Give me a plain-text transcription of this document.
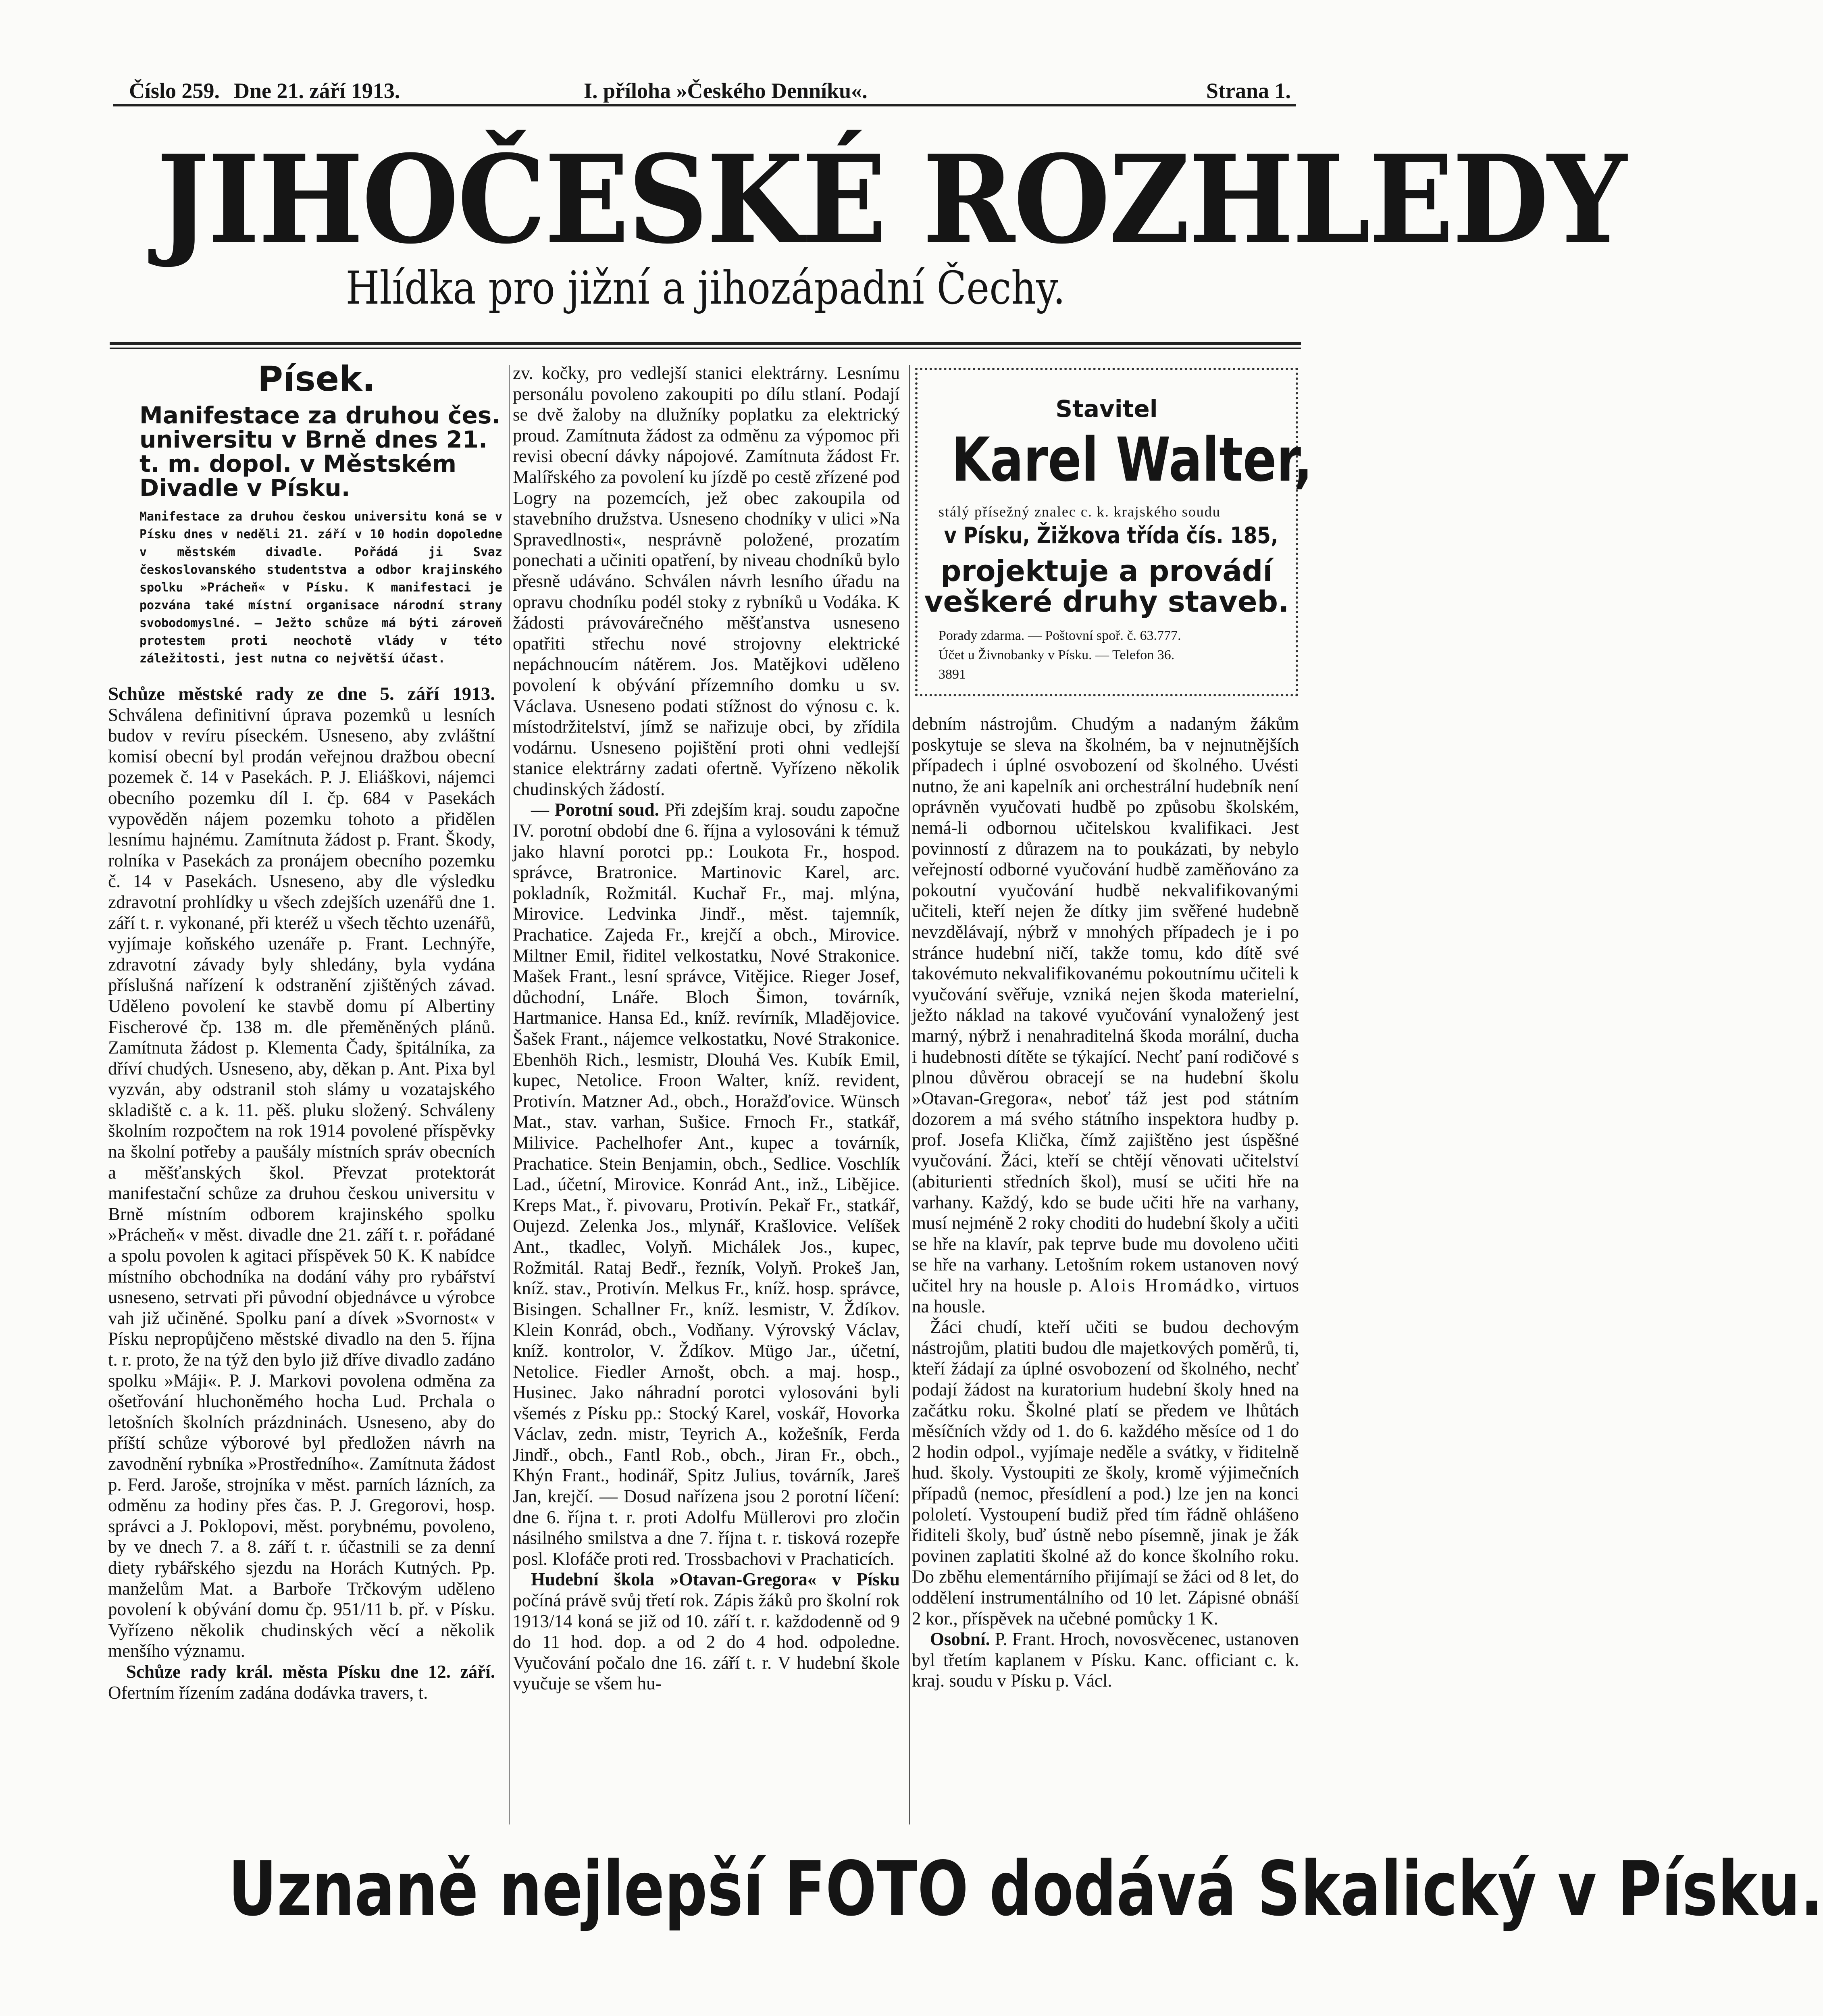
Číslo 259. Dne 21. září 1913.	I. příloha »Českého Denníku«.	Strana 1.
JIHOČESKÉ ROZHLEDY
Hlídka pro jižní a jihozápadní Čechy.
Písek.
Manifestace za druhou čes. universitu v Brně dnes 21. t. m. dopol. v Městském Divadle v Písku.
Manifestace za druhou českou universitu koná se v Písku dnes v neděli 21. září v 10 hodin dopoledne v městském divadle. Pořádá ji Svaz českoslovanského studentstva a odbor krajinského spolku »Prácheň« v Písku. K manifestaci je pozvána také místní organisace národní strany svobodomyslné. — Ježto schůze má býti zároveň protestem proti neochotě vlády v této záležitosti, jest nutna co největší účast.

Schůze městské rady ze dne 5. září 1913. Schválena definitivní úprava pozemků u lesních budov v revíru píseckém. Usneseno, aby zvláštní komisí obecní byl prodán veřejnou dražbou obecní pozemek č. 14 v Pasekách. P. J. Eliáškovi, nájemci obecního pozemku díl I. čp. 684 v Pasekách vypověděn nájem pozemku tohoto a přidělen lesnímu hajnému. Zamítnuta žádost p. Frant. Škody, rolníka v Pasekách za pronájem obecního pozemku č. 14 v Pasekách. Usneseno, aby dle výsledku zdravotní prohlídky u všech zdejších uzenářů dne 1. září t. r. vykonané, při kteréž u všech těchto uzenářů, vyjímaje koňského uzenáře p. Frant. Lechnýře, zdravotní závady byly shledány, byla vydána příslušná nařízení k odstranění zjištěných závad. Uděleno povolení ke stavbě domu pí Albertiny Fischerové čp. 138 m. dle přeměněných plánů. Zamítnuta žádost p. Klementa Čady, špitálníka, za dříví chudých. Usneseno, aby, děkan p. Ant. Pixa byl vyzván, aby odstranil stoh slámy u vozatajského skladiště c. a k. 11. pěš. pluku složený. Schváleny školním rozpočtem na rok 1914 povolené příspěvky na školní potřeby a paušály místních správ obecních a měšťanských škol. Převzat protektorát manifestační schůze za druhou českou universitu v Brně místním odborem krajinského spolku »Prácheň« v měst. divadle dne 21. září t. r. pořádané a spolu povolen k agitaci příspěvek 50 K. K nabídce místního obchodníka na dodání váhy pro rybářství usneseno, setrvati při původní objednávce u výrobce vah již učiněné. Spolku paní a dívek »Svornost« v Písku nepropůjčeno městské divadlo na den 5. října t. r. proto, že na týž den bylo již dříve divadlo zadáno spolku »Máji«. P. J. Markovi povolena odměna za ošetřování hluchoněmého hocha Lud. Prchala o letošních školních prázdninách. Usneseno, aby do příští schůze výborové byl předložen návrh na zavodnění rybníka »Prostředního«. Zamítnuta žádost p. Ferd. Jaroše, strojníka v měst. parních lázních, za odměnu za hodiny přes čas. P. J. Gregorovi, hosp. správci a J. Poklopovi, měst. porybnému, povoleno, by ve dnech 7. a 8. září t. r. účastnili se za denní diety rybářského sjezdu na Horách Kutných. Pp. manželům Mat. a Barboře Trčkovým uděleno povolení k obývání domu čp. 951/11 b. př. v Písku. Vyřízeno několik chudinských věcí a několik menšího významu.

Schůze rady král. města Písku dne 12. září. Ofertním řízením zadána dodávka travers, t.

zv. kočky, pro vedlejší stanici elektrárny. Lesnímu personálu povoleno zakoupiti po dílu stlaní. Podají se dvě žaloby na dlužníky poplatku za elektrický proud. Zamítnuta žádost za odměnu za výpomoc při revisi obecní dávky nápojové. Zamítnuta žádost Fr. Malířského za povolení ku jízdě po cestě zřízené pod Logry na pozemcích, jež obec zakoupila od stavebního družstva. Usneseno chodníky v ulici »Na Spravedlnosti«, nesprávně položené, prozatím ponechati a učiniti opatření, by niveau chodníků bylo přesně udáváno. Schválen návrh lesního úřadu na opravu chodníku podél stoky z rybníků u Vodáka. K žádosti právovárečného měšťanstva usneseno opatřiti střechu nové strojovny elektrické nepáchnoucím nátěrem. Jos. Matějkovi uděleno povolení k obývání přízemního domku u sv. Václava. Usneseno podati stížnost do výnosu c. k. místodržitelství, jímž se nařizuje obci, by zřídila vodárnu. Usneseno pojištění proti ohni vedlejší stanice elektrárny zadati ofertně. Vyřízeno několik chudinských žádostí.

— Porotní soud. Při zdejším kraj. soudu započne IV. porotní období dne 6. října a vylosováni k témuž jako hlavní porotci pp.: Loukota Fr., hospod. správce, Bratronice. Martinovic Karel, arc. pokladník, Rožmitál. Kuchař Fr., maj. mlýna, Mirovice. Ledvinka Jindř., měst. tajemník, Prachatice. Zajeda Fr., krejčí a obch., Mirovice. Miltner Emil, řiditel velkostatku, Nové Strakonice. Mašek Frant., lesní správce, Vitějice. Rieger Josef, důchodní, Lnáře. Bloch Šimon, továrník, Hartmanice. Hansa Ed., kníž. revírník, Mladějovice. Šašek Frant., nájemce velkostatku, Nové Strakonice. Ebenhöh Rich., lesmistr, Dlouhá Ves. Kubík Emil, kupec, Netolice. Froon Walter, kníž. revident, Protivín. Matzner Ad., obch., Horažďovice. Wünsch Mat., stav. varhan, Sušice. Frnoch Fr., statkář, Milivice. Pachelhofer Ant., kupec a továrník, Prachatice. Stein Benjamin, obch., Sedlice. Voschlík Lad., účetní, Mirovice. Konrád Ant., inž., Libějice. Kreps Mat., ř. pivovaru, Protivín. Pekař Fr., statkář, Oujezd. Zelenka Jos., mlynář, Krašlovice. Velíšek Ant., tkadlec, Volyň. Michálek Jos., kupec, Rožmitál. Rataj Bedř., řezník, Volyň. Prokeš Jan, kníž. stav., Protivín. Melkus Fr., kníž. hosp. správce, Bisingen. Schallner Fr., kníž. lesmistr, V. Ždíkov. Klein Konrád, obch., Vodňany. Výrovský Václav, kníž. kontrolor, V. Ždíkov. Mügo Jar., účetní, Netolice. Fiedler Arnošt, obch. a maj. hosp., Husinec. Jako náhradní porotci vylosováni byli všemés z Písku pp.: Stocký Karel, voskář, Hovorka Václav, zedn. mistr, Teyrich A., kožešník, Ferda Jindř., obch., Fantl Rob., obch., Jiran Fr., obch., Khýn Frant., hodinář, Spitz Julius, továrník, Jareš Jan, krejčí. — Dosud nařízena jsou 2 porotní líčení: dne 6. října t. r. proti Adolfu Müllerovi pro zločin násilného smilstva a dne 7. října t. r. tisková rozepře posl. Klofáče proti red. Trossbachovi v Prachaticích.

Hudební škola »Otavan-Gregora« v Písku počíná právě svůj třetí rok. Zápis žáků pro školní rok 1913/14 koná se již od 10. září t. r. každodenně od 9 do 11 hod. dop. a od 2 do 4 hod. odpoledne. Vyučování počalo dne 16. září t. r. V hudební škole vyučuje se všem hu-

Stavitel
Karel Walter,
stálý přísežný znalec c. k. krajského soudu
v Písku, Žižkova třída čís. 185,
projektuje a provádí veškeré druhy staveb.
Porady zdarma. — Poštovní spoř. č. 63.777.
Účet u Živnobanky v Písku. — Telefon 36.
3891

debním nástrojům. Chudým a nadaným žákům poskytuje se sleva na školném, ba v nejnutnějších případech i úplné osvobození od školného. Uvésti nutno, že ani kapelník ani orchestrální hudebník není oprávněn vyučovati hudbě po způsobu školském, nemá-li odbornou učitelskou kvalifikaci. Jest povinností z důrazem na to poukázati, by nebylo veřejností odborné vyučování hudbě zaměňováno za pokoutní vyučování hudbě nekvalifikovanými učiteli, kteří nejen že dítky jim svěřené hudebně nevzdělávají, nýbrž v mnohých případech je i po stránce hudební ničí, takže tomu, kdo dítě své takovémuto nekvalifikovanému pokoutnímu učiteli k vyučování svěřuje, vzniká nejen škoda materielní, ježto náklad na takové vyučování vynaložený jest marný, nýbrž i nenahraditelná škoda morální, ducha i hudebnosti dítěte se týkající. Nechť paní rodičové s plnou důvěrou obracejí se na hudební školu »Otavan-Gregora«, neboť táž jest pod státním dozorem a má svého státního inspektora hudby p. prof. Josefa Klička, čímž zajištěno jest úspěšné vyučování. Žáci, kteří se chtějí věnovati učitelství (abiturienti středních škol), musí se učiti hře na varhany. Každý, kdo se bude učiti hře na varhany, musí nejméně 2 roky choditi do hudební školy a učiti se hře na klavír, pak teprve bude mu dovoleno učiti se hře na varhany. Letošním rokem ustanoven nový učitel hry na housle p. Alois Hromádko, virtuos na housle.

Žáci chudí, kteří učiti se budou dechovým nástrojům, platiti budou dle majetkových poměrů, ti, kteří žádají za úplné osvobození od školného, nechť podají žádost na kuratorium hudební školy hned na začátku roku. Školné platí se předem ve lhůtách měsíčních vždy od 1. do 6. každého měsíce od 1 do 2 hodin odpol., vyjímaje neděle a svátky, v řiditelně hud. školy. Vystoupiti ze školy, kromě výjimečních případů (nemoc, přesídlení a pod.) lze jen na konci pololetí. Vystoupení budiž před tím řádně ohlášeno řiditeli školy, buď ústně nebo písemně, jinak je žák povinen zaplatiti školné až do konce školního roku. Do zběhu elementárního přijímají se žáci od 8 let, do oddělení instrumentálního od 10 let. Zápisné obnáší 2 kor., příspěvek na učebné pomůcky 1 K.

Osobní. P. Frant. Hroch, novosvěcenec, ustanoven byl třetím kaplanem v Písku. Kanc. officiant c. k. kraj. soudu v Písku p. Václ.

Uznaně nejlepší FOTO dodává Skalický v Písku.
